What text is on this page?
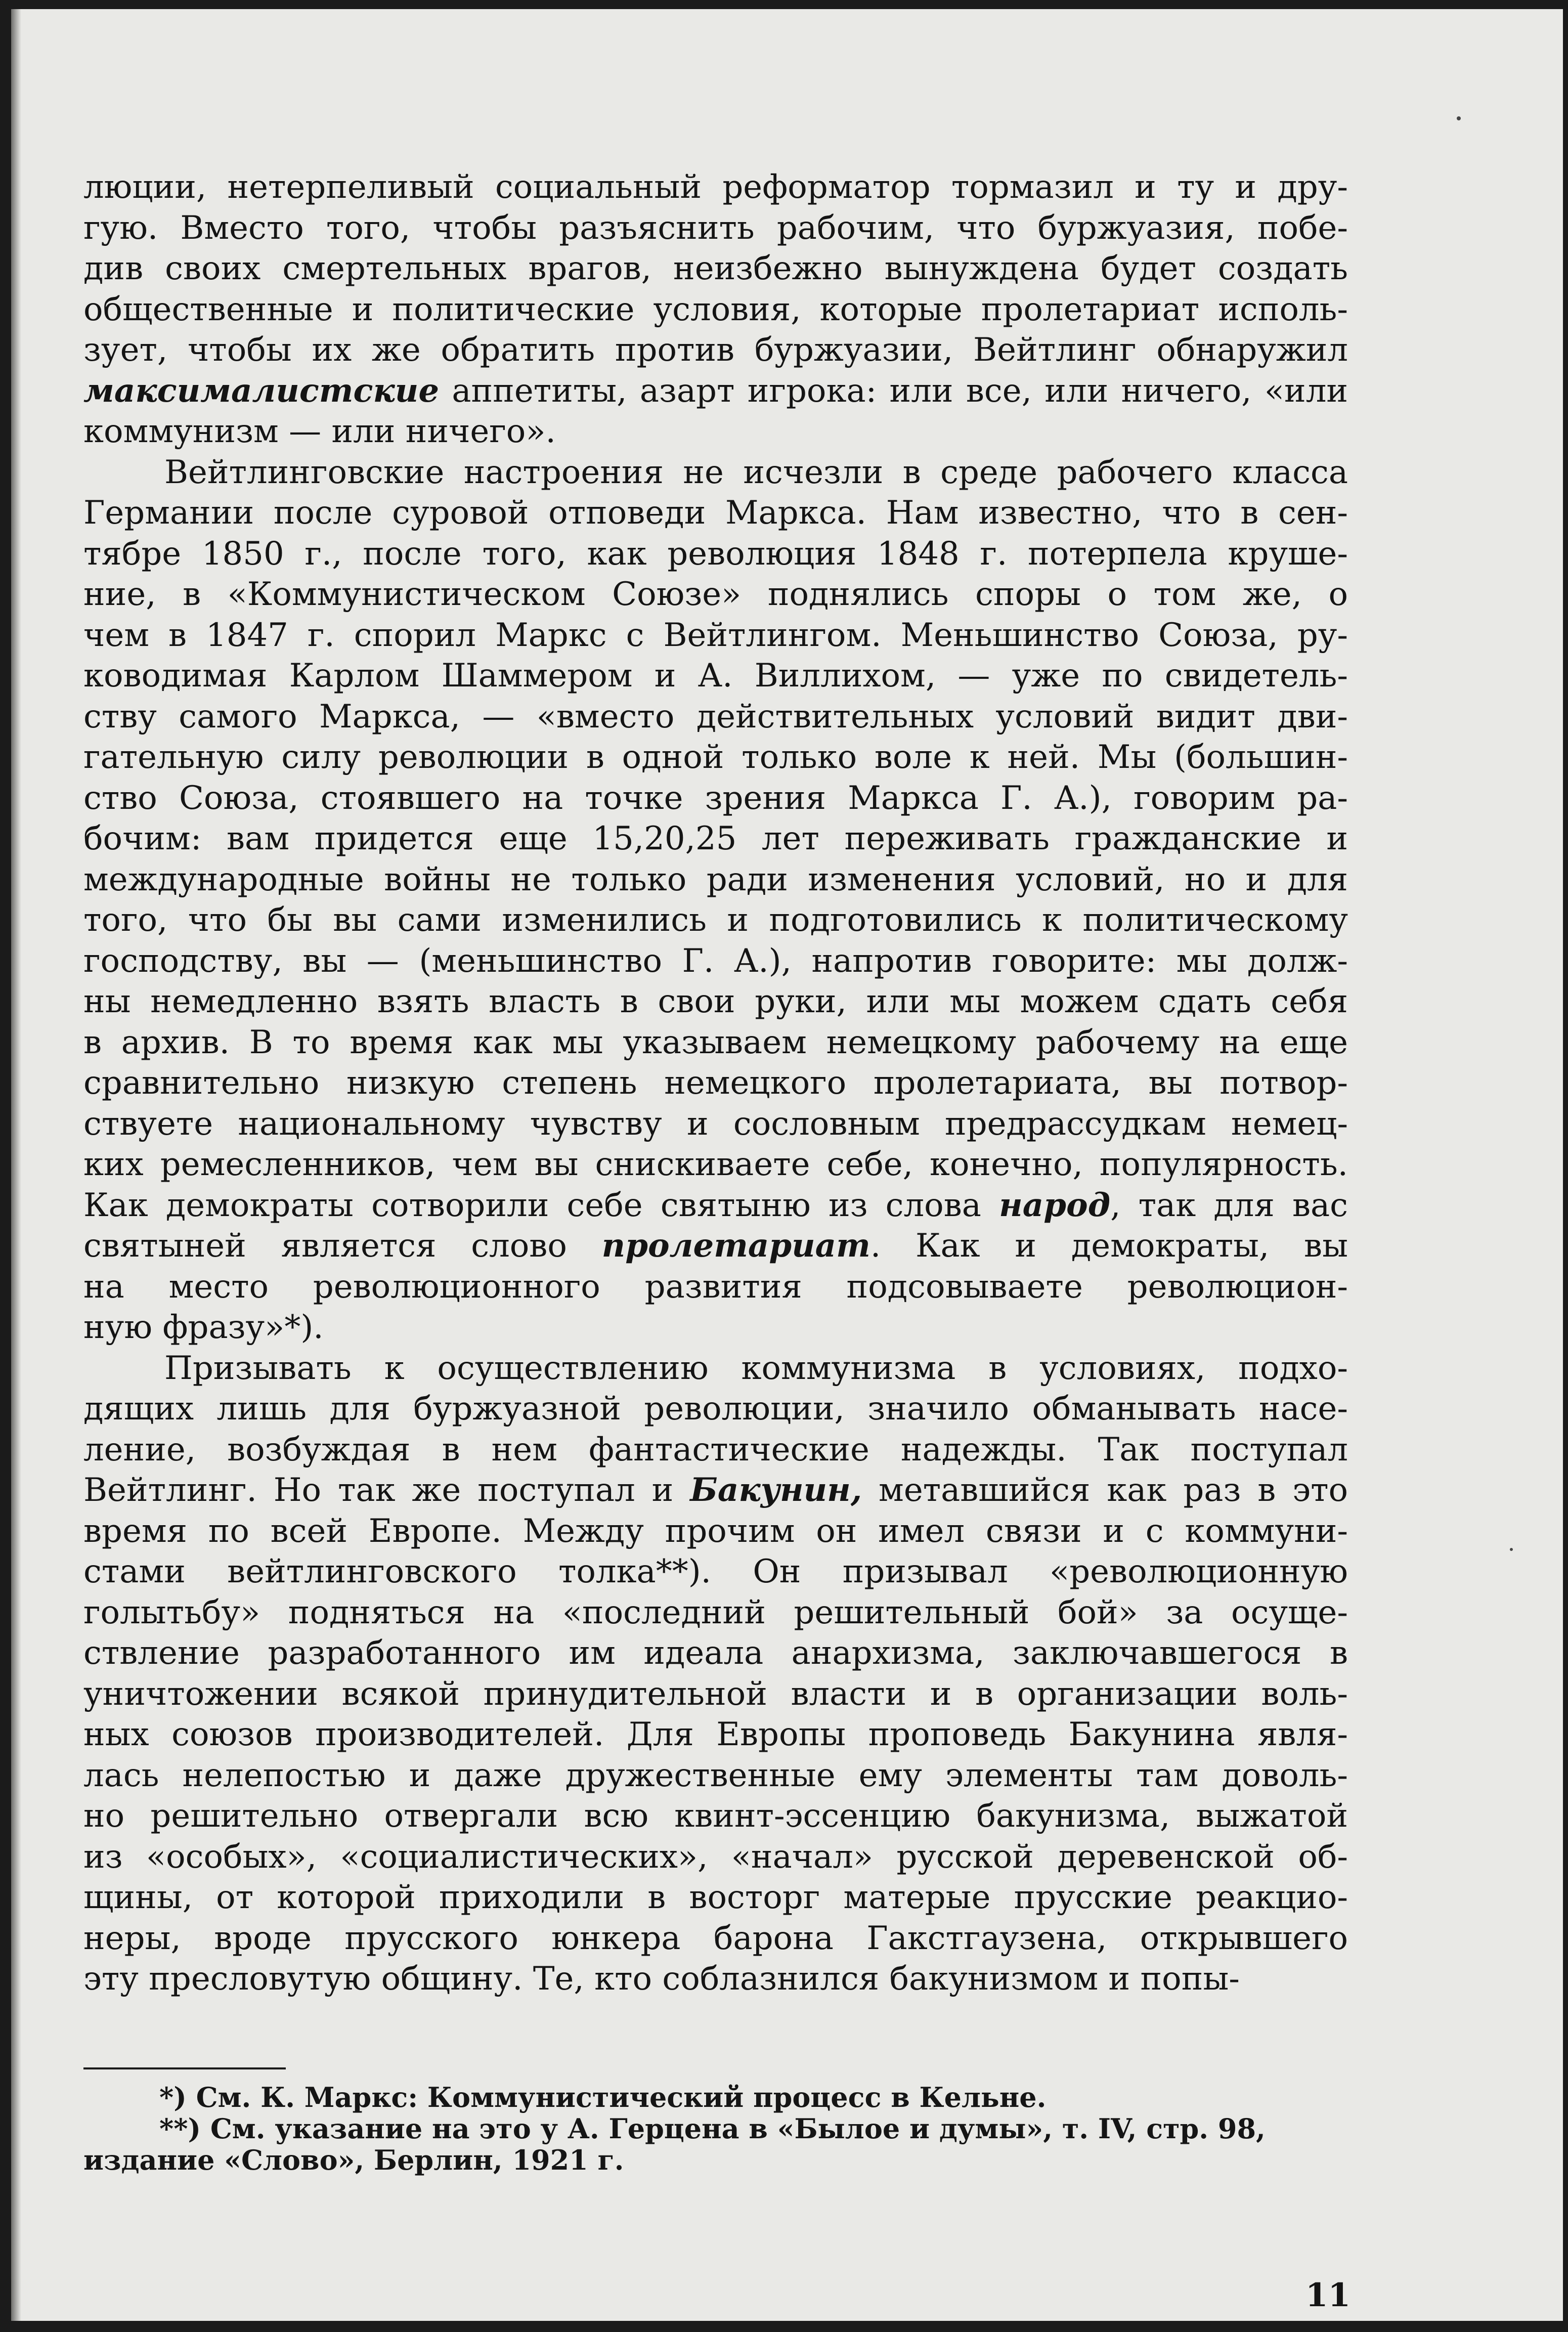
люции, нетерпеливый социальный реформатор тормазил и ту и дру-
гую. Вместо того, чтобы разъяснить рабочим, что буржуазия, побе-
див своих смертельных врагов, неизбежно вынуждена будет создать
общественные и политические условия, которые пролетариат исполь-
зует, чтобы их же обратить против буржуазии, Вейтлинг обнаружил
максималистские аппетиты, азарт игрока: или все, или ничего, «или
коммунизм — или ничего».

Вейтлинговские настроения не исчезли в среде рабочего класса
Германии после суровой отповеди Маркса. Нам известно, что в сен-
тябре 1850 г., после того, как революция 1848 г. потерпела круше-
ние, в «Коммунистическом Союзе» поднялись споры о том же, о
чем в 1847 г. спорил Маркс с Вейтлингом. Меньшинство Союза, ру-
ководимая Карлом Шаммером и А. Виллихом, — уже по свидетель-
ству самого Маркса, — «вместо действительных условий видит дви-
гательную силу революции в одной только воле к ней. Мы (большин-
ство Союза, стоявшего на точке зрения Маркса Г. А.), говорим ра-
бочим: вам придется еще 15,20,25 лет переживать гражданские и
международные войны не только ради изменения условий, но и для
того, что бы вы сами изменились и подготовились к политическому
господству, вы — (меньшинство Г. А.), напротив говорите: мы долж-
ны немедленно взять власть в свои руки, или мы можем сдать себя
в архив. В то время как мы указываем немецкому рабочему на еще
сравнительно низкую степень немецкого пролетариата, вы потвор-
ствуете национальному чувству и сословным предрассудкам немец-
ких ремесленников, чем вы снискиваете себе, конечно, популярность.
Как демократы сотворили себе святыню из слова народ, так для вас
святыней является слово пролетариат. Как и демократы, вы
на место революционного развития подсовываете революцион-
ную фразу»*).

Призывать к осуществлению коммунизма в условиях, подхо-
дящих лишь для буржуазной революции, значило обманывать насе-
ление, возбуждая в нем фантастические надежды. Так поступал
Вейтлинг. Но так же поступал и Бакунин, метавшийся как раз в это
время по всей Европе. Между прочим он имел связи и с коммуни-
стами вейтлинговского толка**). Он призывал «революционную
голытьбу» подняться на «последний решительный бой» за осуще-
ствление разработанного им идеала анархизма, заключавшегося в
уничтожении всякой принудительной власти и в организации воль-
ных союзов производителей. Для Европы проповедь Бакунина явля-
лась нелепостью и даже дружественные ему элементы там доволь-
но решительно отвергали всю квинт-эссенцию бакунизма, выжатой
из «особых», «социалистических», «начал» русской деревенской об-
щины, от которой приходили в восторг матерые прусские реакцио-
неры, вроде прусского юнкера барона Гакстгаузена, открывшего
эту пресловутую общину. Те, кто соблазнился бакунизмом и попы-

*) См. К. Маркс: Коммунистический процесс в Кельне.
**) См. указание на это у А. Герцена в «Былое и думы», т. IV, стр. 98,
издание «Слово», Берлин, 1921 г.
11
